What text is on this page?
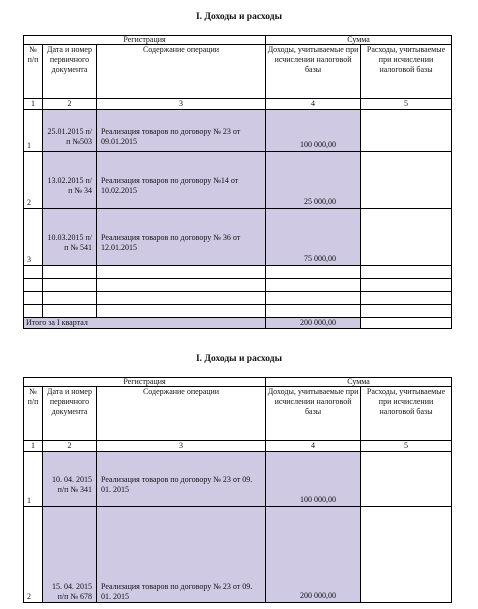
I. Доходы и расходы
Регистрация			Сумма	
№ п/п	Дата и номер первичного документа	Содержание операции	Доходы, учитываемые при исчислении налоговой базы	Расходы, учитываемые при исчислении налоговой базы
1	2	3	4	5
1	25.01.2015 п/п №503	Реализация товаров по договору № 23 от 09.01.2015	100 000,00	
2	13.02.2015 п/п № 34	Реализация товаров по договору №14 от 10.02.2015	25 000,00	
3	10.03.2015 п/п № 541	Реализация товаров по договору № 36 от 12.01.2015	75 000,00	

Итого за I квартал			200 000,00	
I. Доходы и расходы
Регистрация			Сумма	
№ п/п	Дата и номер первичного документа	Содержание операции	Доходы, учитываемые при исчислении налоговой базы	Расходы, учитываемые при исчислении налоговой базы
1	2	3	4	5
1	10. 04. 2015 п/п № 341	Реализация товаров по договору № 23 от 09. 01. 2015	100 000,00	
2	15. 04. 2015 п/п № 678	Реализация товаров по договору № 23 от 09. 01. 2015	200 000,00	
